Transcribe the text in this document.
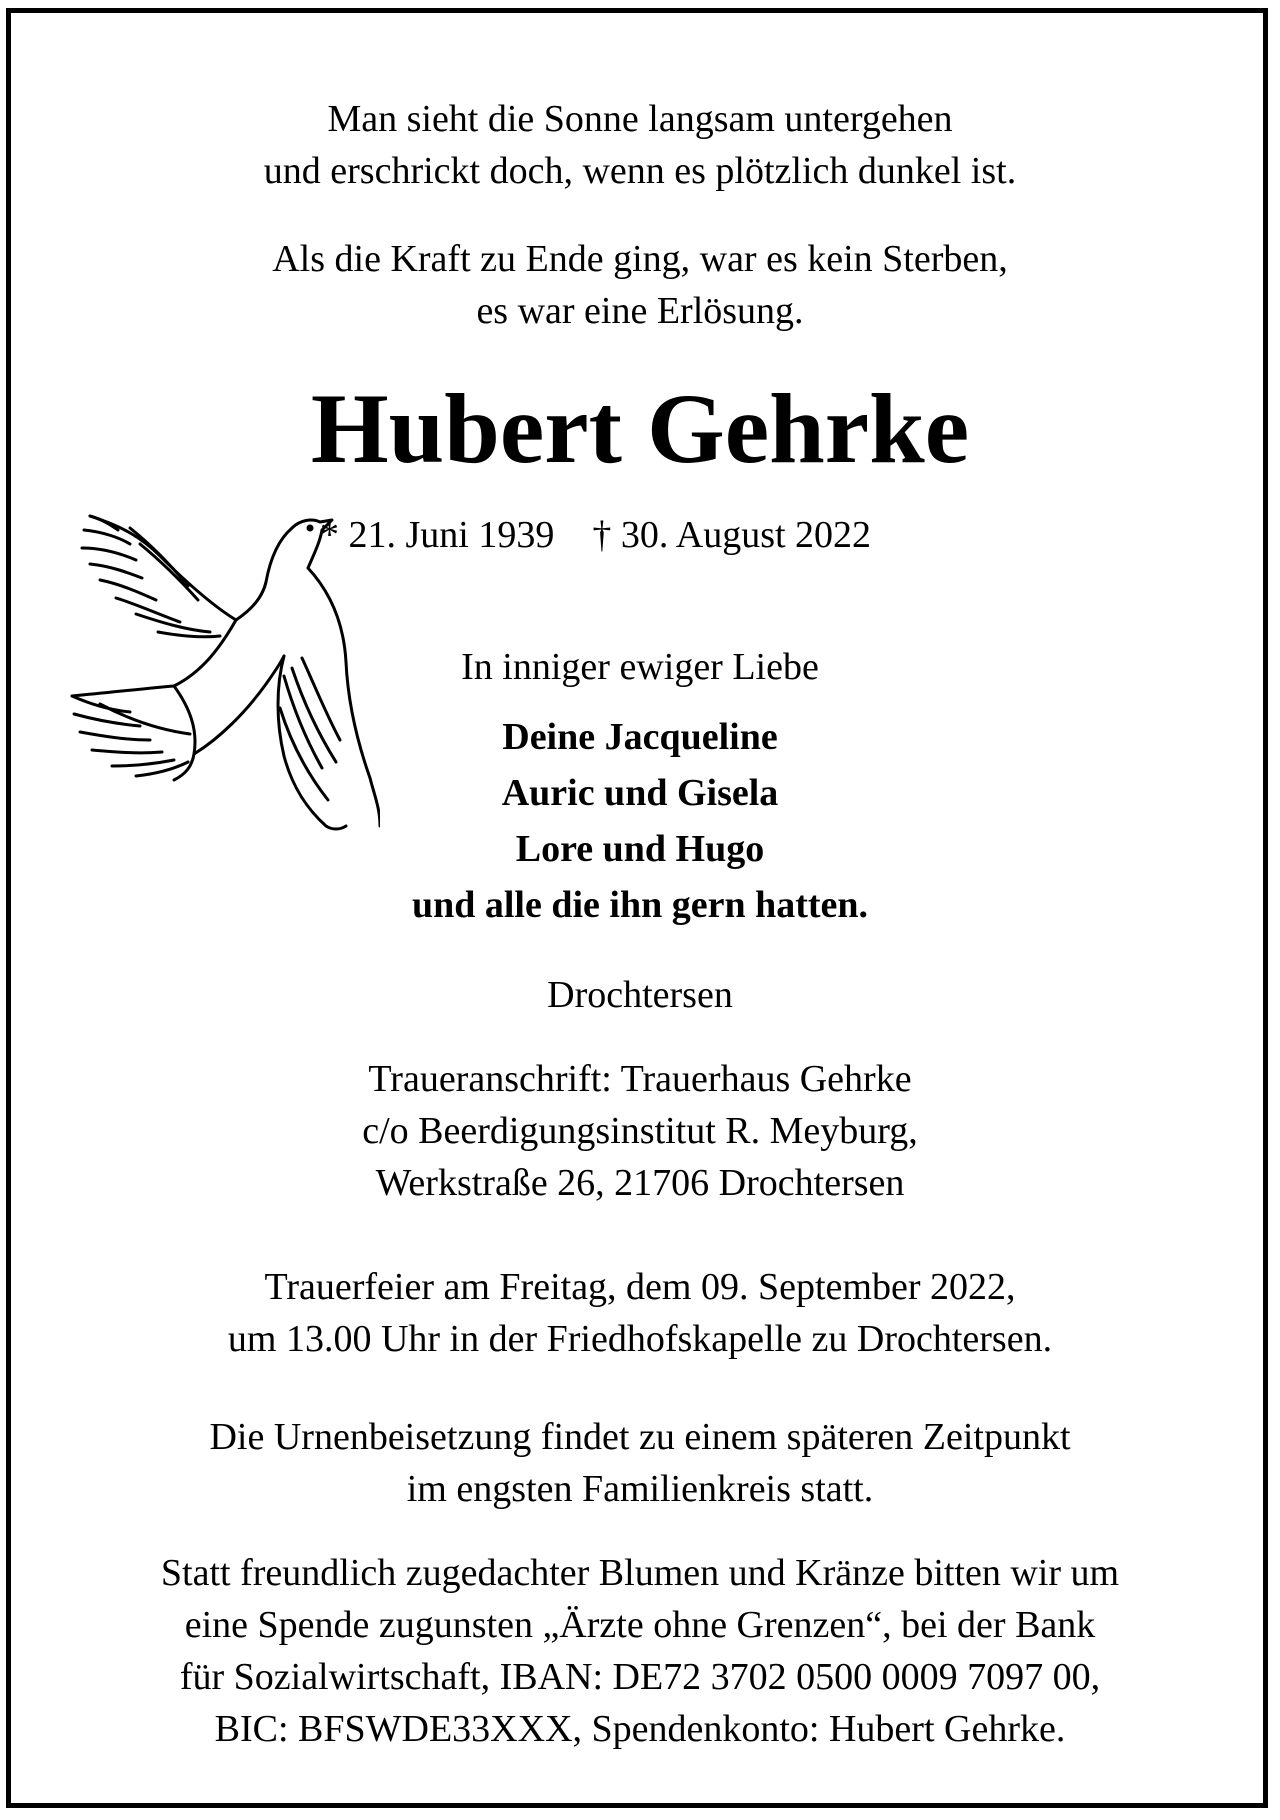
Man sieht die Sonne langsam untergehen
und erschrickt doch, wenn es plötzlich dunkel ist.
Als die Kraft zu Ende ging, war es kein Sterben,
es war eine Erlösung.
Hubert Gehrke
* 21. Juni 1939 † 30. August 2022
In inniger ewiger Liebe
Deine Jacqueline
Auric und Gisela
Lore und Hugo
und alle die ihn gern hatten.
Drochtersen
Traueranschrift: Trauerhaus Gehrke
c/o Beerdigungsinstitut R. Meyburg,
Werkstraße 26, 21706 Drochtersen
Trauerfeier am Freitag, dem 09. September 2022,
um 13.00 Uhr in der Friedhofskapelle zu Drochtersen.
Die Urnenbeisetzung findet zu einem späteren Zeitpunkt
im engsten Familienkreis statt.
Statt freundlich zugedachter Blumen und Kränze bitten wir um
eine Spende zugunsten „Ärzte ohne Grenzen“, bei der Bank
für Sozialwirtschaft, IBAN: DE72 3702 0500 0009 7097 00,
BIC: BFSWDE33XXX, Spendenkonto: Hubert Gehrke.
